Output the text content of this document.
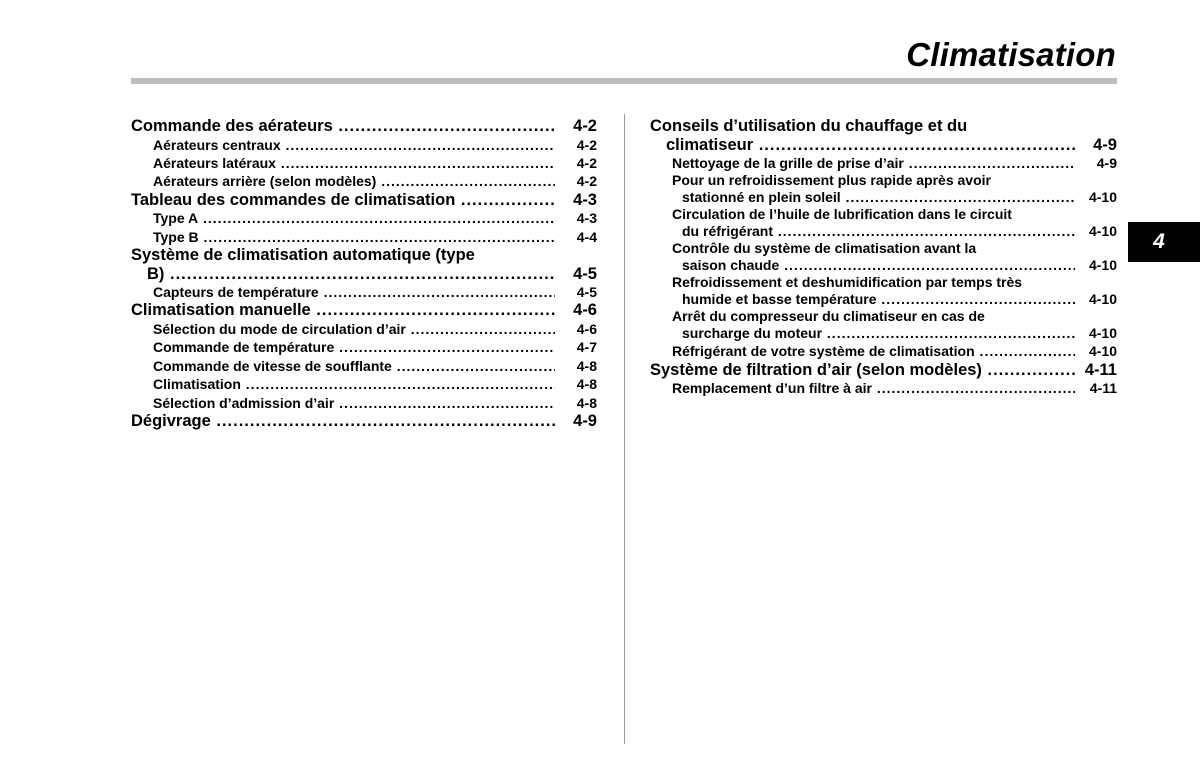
Climatisation
4
Commande des aérateurs .....	4-2
Aérateurs centraux .....	4-2
Aérateurs latéraux .....	4-2
Aérateurs arrière (selon modèles) .....	4-2
Tableau des commandes de climatisation .....	4-3
Type A .....	4-3
Type B .....	4-4
Système de climatisation automatique (type
B) .....	4-5
Capteurs de température .....	4-5
Climatisation manuelle .....	4-6
Sélection du mode de circulation d’air .....	4-6
Commande de température .....	4-7
Commande de vitesse de soufflante .....	4-8
Climatisation .....	4-8
Sélection d’admission d’air .....	4-8
Dégivrage .....	4-9
Conseils d’utilisation du chauffage et du
climatiseur .....	4-9
Nettoyage de la grille de prise d’air .....	4-9
Pour un refroidissement plus rapide après avoir
stationné en plein soleil .....	4-10
Circulation de l’huile de lubrification dans le circuit
du réfrigérant .....	4-10
Contrôle du système de climatisation avant la
saison chaude .....	4-10
Refroidissement et deshumidification par temps très
humide et basse température .....	4-10
Arrêt du compresseur du climatiseur en cas de
surcharge du moteur .....	4-10
Réfrigérant de votre système de climatisation .....	4-10
Système de filtration d’air (selon modèles) .....	4-11
Remplacement d’un filtre à air .....	4-11
